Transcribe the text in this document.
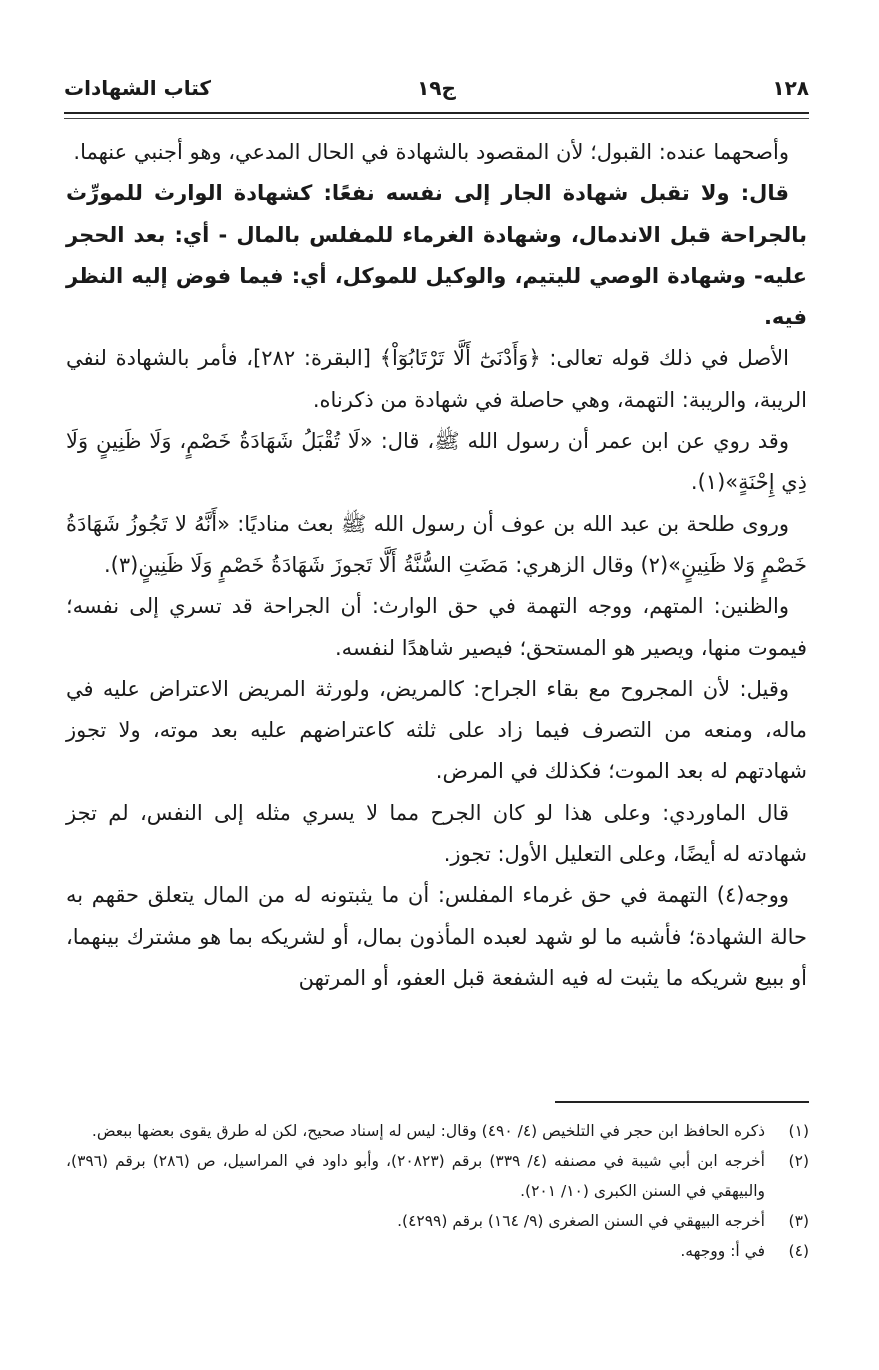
١٢٨
ج١٩
كتاب الشهادات

وأصحهما عنده: القبول؛ لأن المقصود بالشهادة في الحال المدعي، وهو أجنبي عنهما.

قال: ولا تقبل شهادة الجار إلى نفسه نفعًا: كشهادة الوارث للمورِّث بالجراحة قبل الاندمال، وشهادة الغرماء للمفلس بالمال - أي: بعد الحجر عليه- وشهادة الوصي لليتيم، والوكيل للموكل، أي: فيما فوض إليه النظر فيه.

الأصل في ذلك قوله تعالى: ﴿وَأَدْنَىٰٓ أَلَّا تَرْتَابُوٓاْ﴾ [البقرة: ٢٨٢]، فأمر بالشهادة لنفي الريبة، والريبة: التهمة، وهي حاصلة في شهادة من ذكرناه.

وقد روي عن ابن عمر أن رسول الله ﷺ، قال: «لَا تُقْبَلُ شَهَادَةُ خَصْمٍ، وَلَا ظَنِينٍ وَلَا ذِي إِحْنَةٍ»(١).

وروى طلحة بن عبد الله بن عوف أن رسول الله ﷺ بعث مناديًا: «أَنَّهُ لا تَجُوزُ شَهَادَةُ خَصْمٍ وَلا ظَنِينٍ»(٢) وقال الزهري: مَضَتِ السُّنَّةُ أَلَّا تَجوزَ شَهَادَةُ خَصْمٍ وَلَا ظَنِينٍ(٣).

والظنين: المتهم، ووجه التهمة في حق الوارث: أن الجراحة قد تسري إلى نفسه؛ فيموت منها، ويصير هو المستحق؛ فيصير شاهدًا لنفسه.

وقيل: لأن المجروح مع بقاء الجراح: كالمريض، ولورثة المريض الاعتراض عليه في ماله، ومنعه من التصرف فيما زاد على ثلثه كاعتراضهم عليه بعد موته، ولا تجوز شهادتهم له بعد الموت؛ فكذلك في المرض.

قال الماوردي: وعلى هذا لو كان الجرح مما لا يسري مثله إلى النفس، لم تجز شهادته له أيضًا، وعلى التعليل الأول: تجوز.

ووجه(٤) التهمة في حق غرماء المفلس: أن ما يثبتونه له من المال يتعلق حقهم به حالة الشهادة؛ فأشبه ما لو شهد لعبده المأذون بمال، أو لشريكه بما هو مشترك بينهما، أو ببيع شريكه ما يثبت له فيه الشفعة قبل العفو، أو المرتهن

(١)
ذكره الحافظ ابن حجر في التلخيص (٤/ ٤٩٠) وقال: ليس له إسناد صحيح، لكن له طرق يقوى بعضها ببعض.
(٢)
أخرجه ابن أبي شيبة في مصنفه (٤/ ٣٣٩) برقم (٢٠٨٢٣)، وأبو داود في المراسيل، ص (٢٨٦) برقم (٣٩٦)، والبيهقي في السنن الكبرى (١٠/ ٢٠١).
(٣)
أخرجه البيهقي في السنن الصغرى (٩/ ١٦٤) برقم (٤٢٩٩).
(٤)
في أ: ووجهه.
